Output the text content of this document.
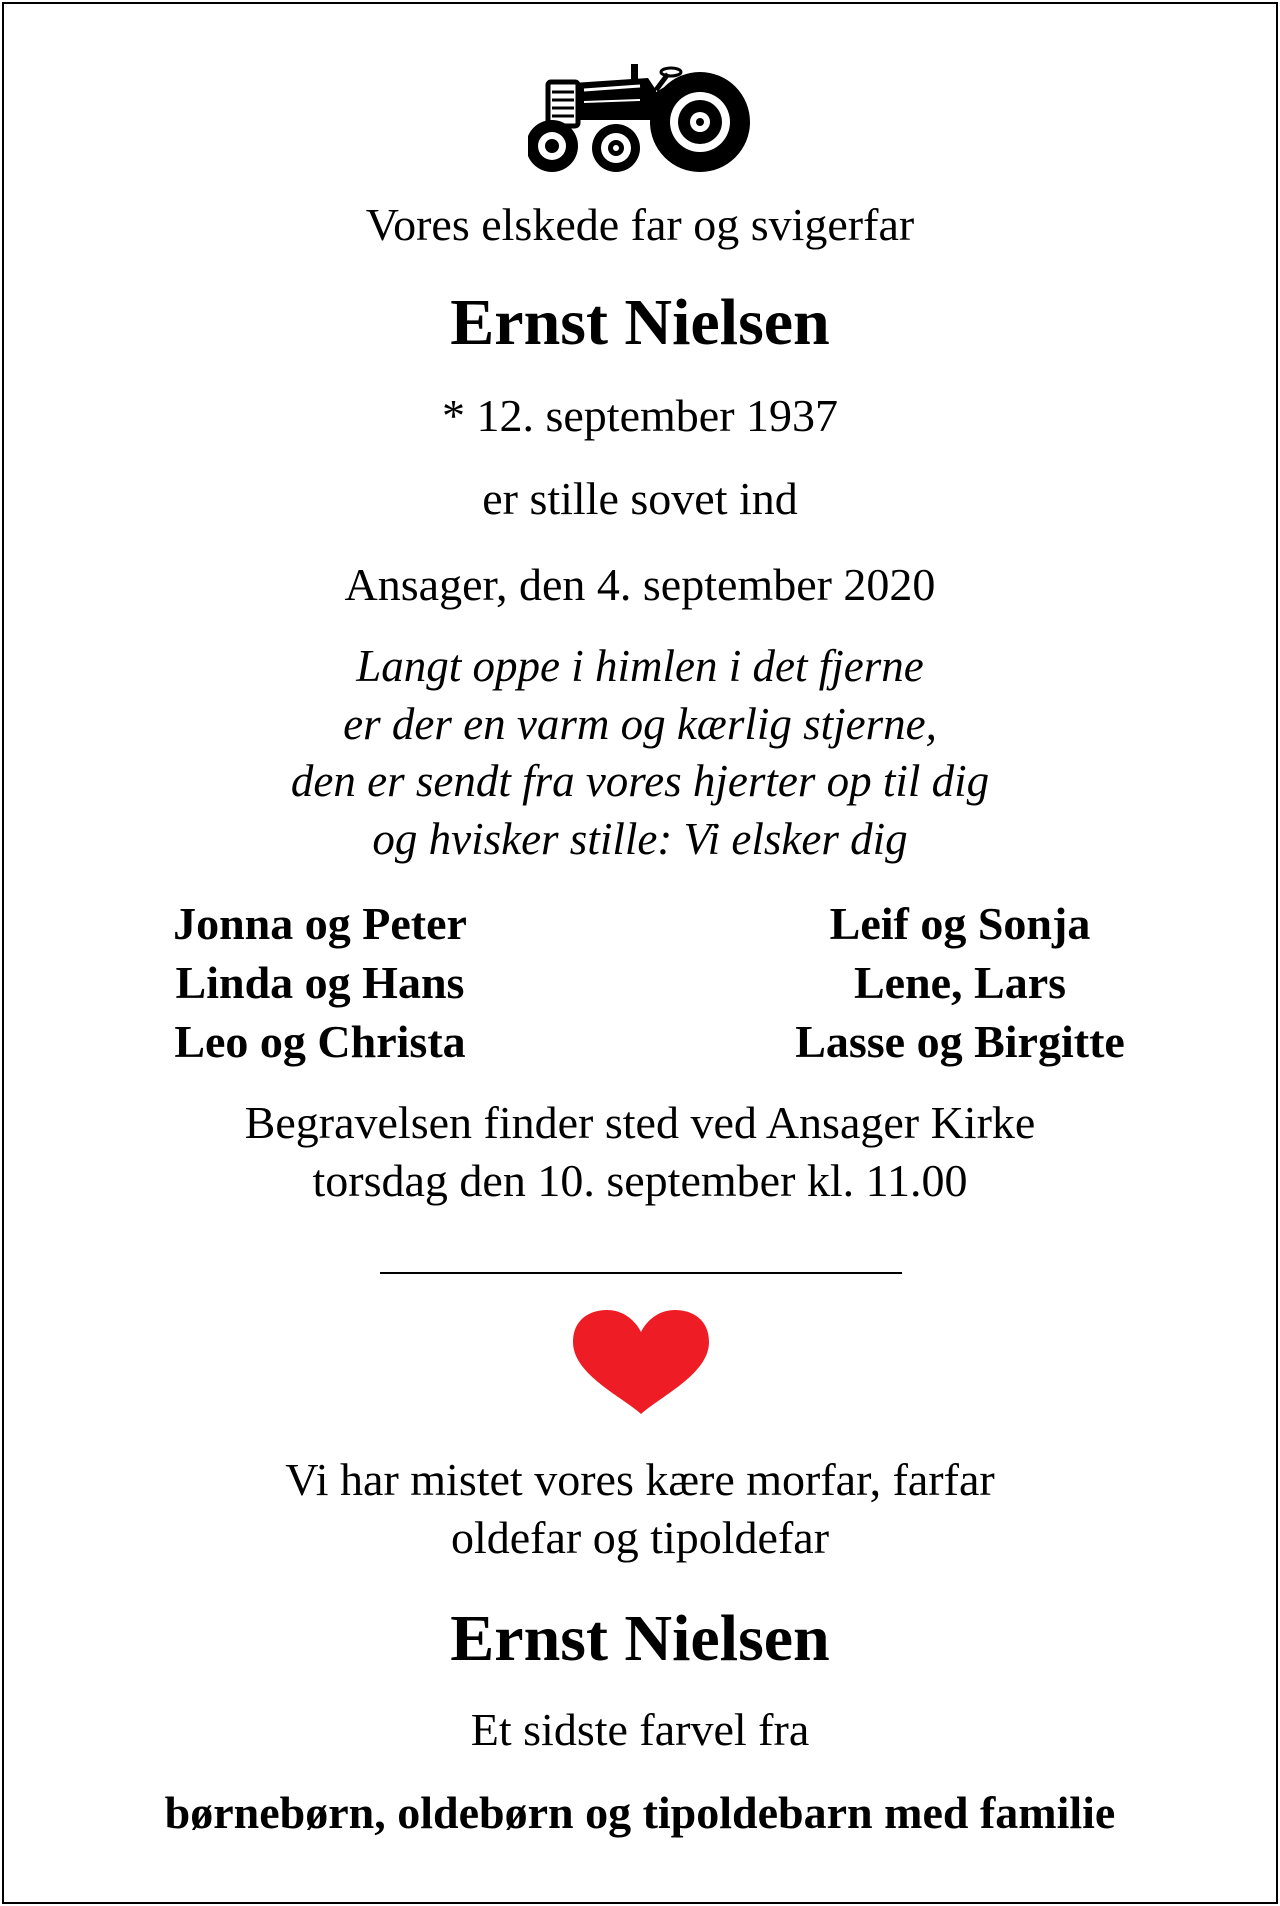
Vores elskede far og svigerfar
Ernst Nielsen
* 12. september 1937
er stille sovet ind
Ansager, den 4. september 2020
Langt oppe i himlen i det fjerne
er der en varm og kærlig stjerne,
den er sendt fra vores hjerter op til dig
og hvisker stille: Vi elsker dig
Jonna og Peter
Linda og Hans
Leo og Christa
Leif og Sonja
Lene, Lars
Lasse og Birgitte
Begravelsen finder sted ved Ansager Kirke
torsdag den 10. september kl. 11.00
Vi har mistet vores kære morfar, farfar
oldefar og tipoldefar
Ernst Nielsen
Et sidste farvel fra
børnebørn, oldebørn og tipoldebarn med familie
